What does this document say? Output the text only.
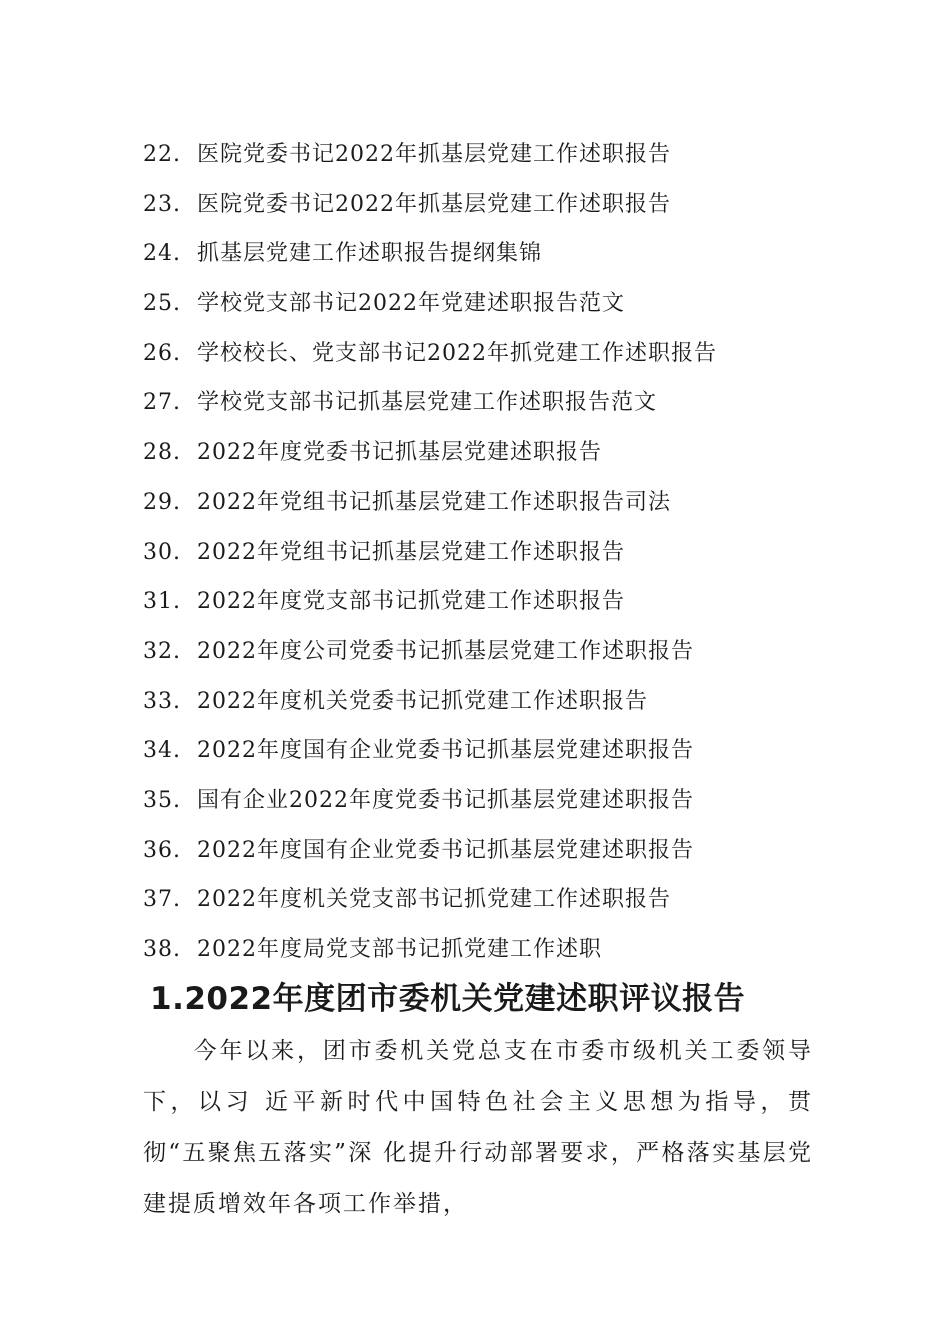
22. 医院党委书记2022年抓基层党建工作述职报告
23. 医院党委书记2022年抓基层党建工作述职报告
24. 抓基层党建工作述职报告提纲集锦
25. 学校党支部书记2022年党建述职报告范文
26. 学校校长、党支部书记2022年抓党建工作述职报告
27. 学校党支部书记抓基层党建工作述职报告范文
28. 2022年度党委书记抓基层党建述职报告
29. 2022年党组书记抓基层党建工作述职报告司法
30. 2022年党组书记抓基层党建工作述职报告
31. 2022年度党支部书记抓党建工作述职报告
32. 2022年度公司党委书记抓基层党建工作述职报告
33. 2022年度机关党委书记抓党建工作述职报告
34. 2022年度国有企业党委书记抓基层党建述职报告
35. 国有企业2022年度党委书记抓基层党建述职报告
36. 2022年度国有企业党委书记抓基层党建述职报告
37. 2022年度机关党支部书记抓党建工作述职报告
38. 2022年度局党支部书记抓党建工作述职
1.2022年度团市委机关党建述职评议报告

今年以来，团市委机关党总支在市委市级机关工委领导下，以习 近平新时代中国特色社会主义思想为指导，贯彻“五聚焦五落实”深 化提升行动部署要求，严格落实基层党建提质增效年各项工作举措，
